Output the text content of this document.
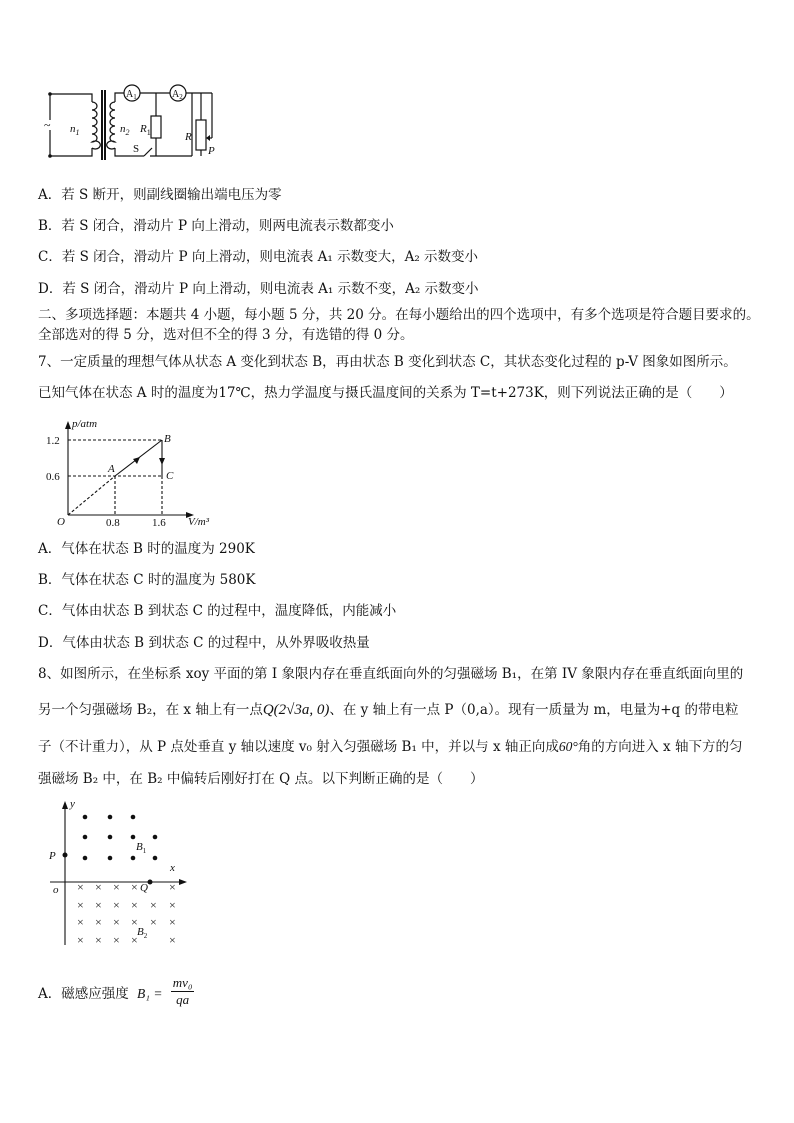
~ $n_1$	$n_2$
$A_1$	$A_2$
$R_1$	R
P
S
A．若 S 断开，则副线圈输出端电压为零
B．若 S 闭合，滑动片 P 向上滑动，则两电流表示数都变小
C．若 S 闭合，滑动片 P 向上滑动，则电流表 A₁ 示数变大，A₂ 示数变小
D．若 S 闭合，滑动片 P 向上滑动，则电流表 A₁ 示数不变，A₂ 示数变小
二、多项选择题：本题共 4 小题，每小题 5 分，共 20 分。在每小题给出的四个选项中，有多个选项是符合题目要求的。
全部选对的得 5 分，选对但不全的得 3 分，有选错的得 0 分。
7、一定质量的理想气体从状态 A 变化到状态 B，再由状态 B 变化到状态 C，其状态变化过程的 p-V 图象如图所示。
已知气体在状态 A 时的温度为17℃，热力学温度与摄氏温度间的关系为 T=t+273K，则下列说法正确的是（　　）
p/atm
V/m³
O
1.2
0.6
0.8	1.6
A
B
C
A．气体在状态 B 时的温度为 290K
B．气体在状态 C 时的温度为 580K
C．气体由状态 B 到状态 C 的过程中，温度降低，内能减小
D．气体由状态 B 到状态 C 的过程中，从外界吸收热量
8、如图所示，在坐标系 xoy 平面的第 I 象限内存在垂直纸面向外的匀强磁场 B₁，在第 IV 象限内存在垂直纸面向里的
另一个匀强磁场 B₂，在 x 轴上有一点Q(2√3a, 0)、在 y 轴上有一点 P（0,a）。现有一质量为 m，电量为+q 的带电粒
子（不计重力），从 P 点处垂直 y 轴以速度 v₀ 射入匀强磁场 B₁ 中，并以与 x 轴正向成60°角的方向进入 x 轴下方的匀
强磁场 B₂ 中，在 B₂ 中偏转后刚好打在 Q 点。以下判断正确的是（　　）
× × × ×	×
× × × × × ×
× × × × × ×
× × × ×	×
y
x
o
P
Q
$B_1$
$B_2$
A．磁感应强度 $B_1 = \frac{\text{mv₀}}{qa}$
